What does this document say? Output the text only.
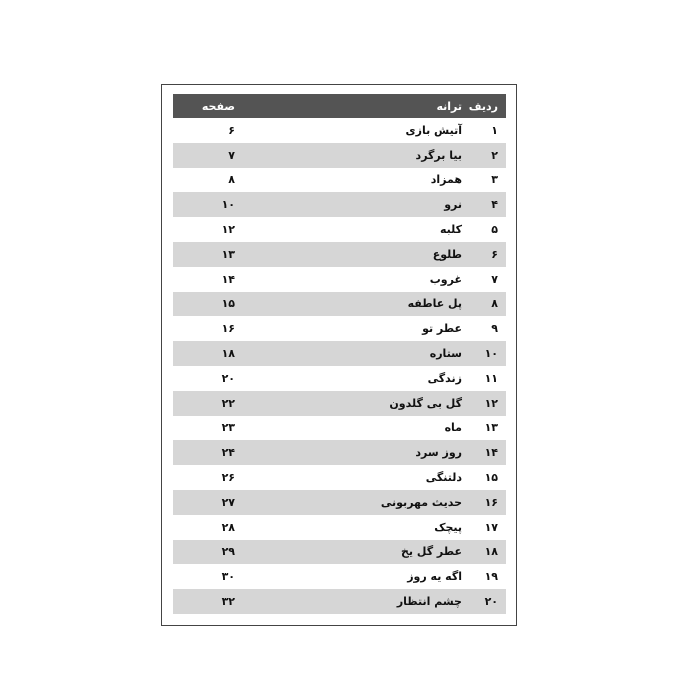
ردیف
ترانه
صفحه
۱
آتیش بازی
۶
۲
بیا برگرد
۷
۳
همزاد
۸
۴
نرو
۱۰
۵
کلبه
۱۲
۶
طلوع
۱۳
۷
غروب
۱۴
۸
پل عاطفه
۱۵
۹
عطر تو
۱۶
۱۰
ستاره
۱۸
۱۱
زندگی
۲۰
۱۲
گل بی گلدون
۲۲
۱۳
ماه
۲۳
۱۴
روز سرد
۲۴
۱۵
دلتنگی
۲۶
۱۶
حدیث مهربونی
۲۷
۱۷
پیچک
۲۸
۱۸
عطر گل یخ
۲۹
۱۹
اگه یه روز
۳۰
۲۰
چشم انتظار
۳۲
